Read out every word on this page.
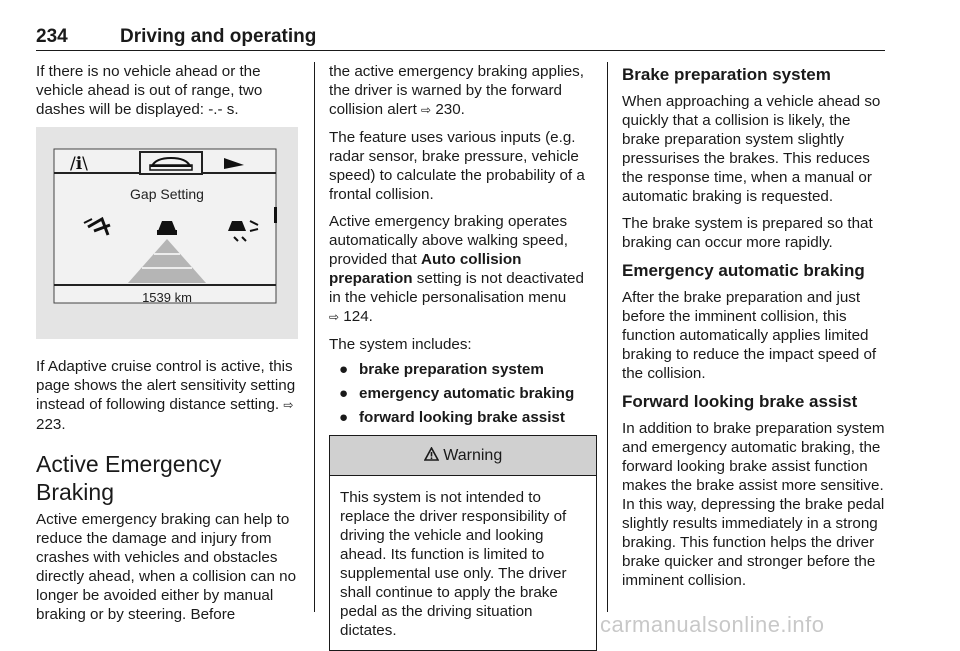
234	Driving and operating

If there is no vehicle ahead or the vehicle ahead is out of range, two dashes will be displayed: -.- s.

/ℹ\
Gap Setting
1539 km

If Adaptive cruise control is active, this page shows the alert sensitivity setting instead of following distance setting. ⇨ 223.

Active Emergency Braking

Active emergency braking can help to reduce the damage and injury from crashes with vehicles and obstacles directly ahead, when a collision can no longer be avoided either by manual braking or by steering. Before

the active emergency braking applies, the driver is warned by the forward collision alert ⇨ 230.

The feature uses various inputs (e.g. radar sensor, brake pressure, vehicle speed) to calculate the probability of a frontal collision.

Active emergency braking operates automatically above walking speed, provided that Auto collision preparation setting is not deactivated in the vehicle personalisation menu
⇨ 124.

The system includes:

● brake preparation system
● emergency automatic braking
● forward looking brake assist
Warning

This system is not intended to replace the driver responsibility of driving the vehicle and looking ahead. Its function is limited to supplemental use only. The driver shall continue to apply the brake pedal as the driving situation dictates.

Brake preparation system

When approaching a vehicle ahead so quickly that a collision is likely, the brake preparation system slightly pressurises the brakes. This reduces the response time, when a manual or automatic braking is requested.

The brake system is prepared so that braking can occur more rapidly.

Emergency automatic braking

After the brake preparation and just before the imminent collision, this function automatically applies limited braking to reduce the impact speed of the collision.

Forward looking brake assist

In addition to brake preparation system and emergency automatic braking, the forward looking brake assist function makes the brake assist more sensitive. In this way, depressing the brake pedal slightly results immediately in a strong braking. This function helps the driver brake quicker and stronger before the imminent collision.

carmanualsonline.info
